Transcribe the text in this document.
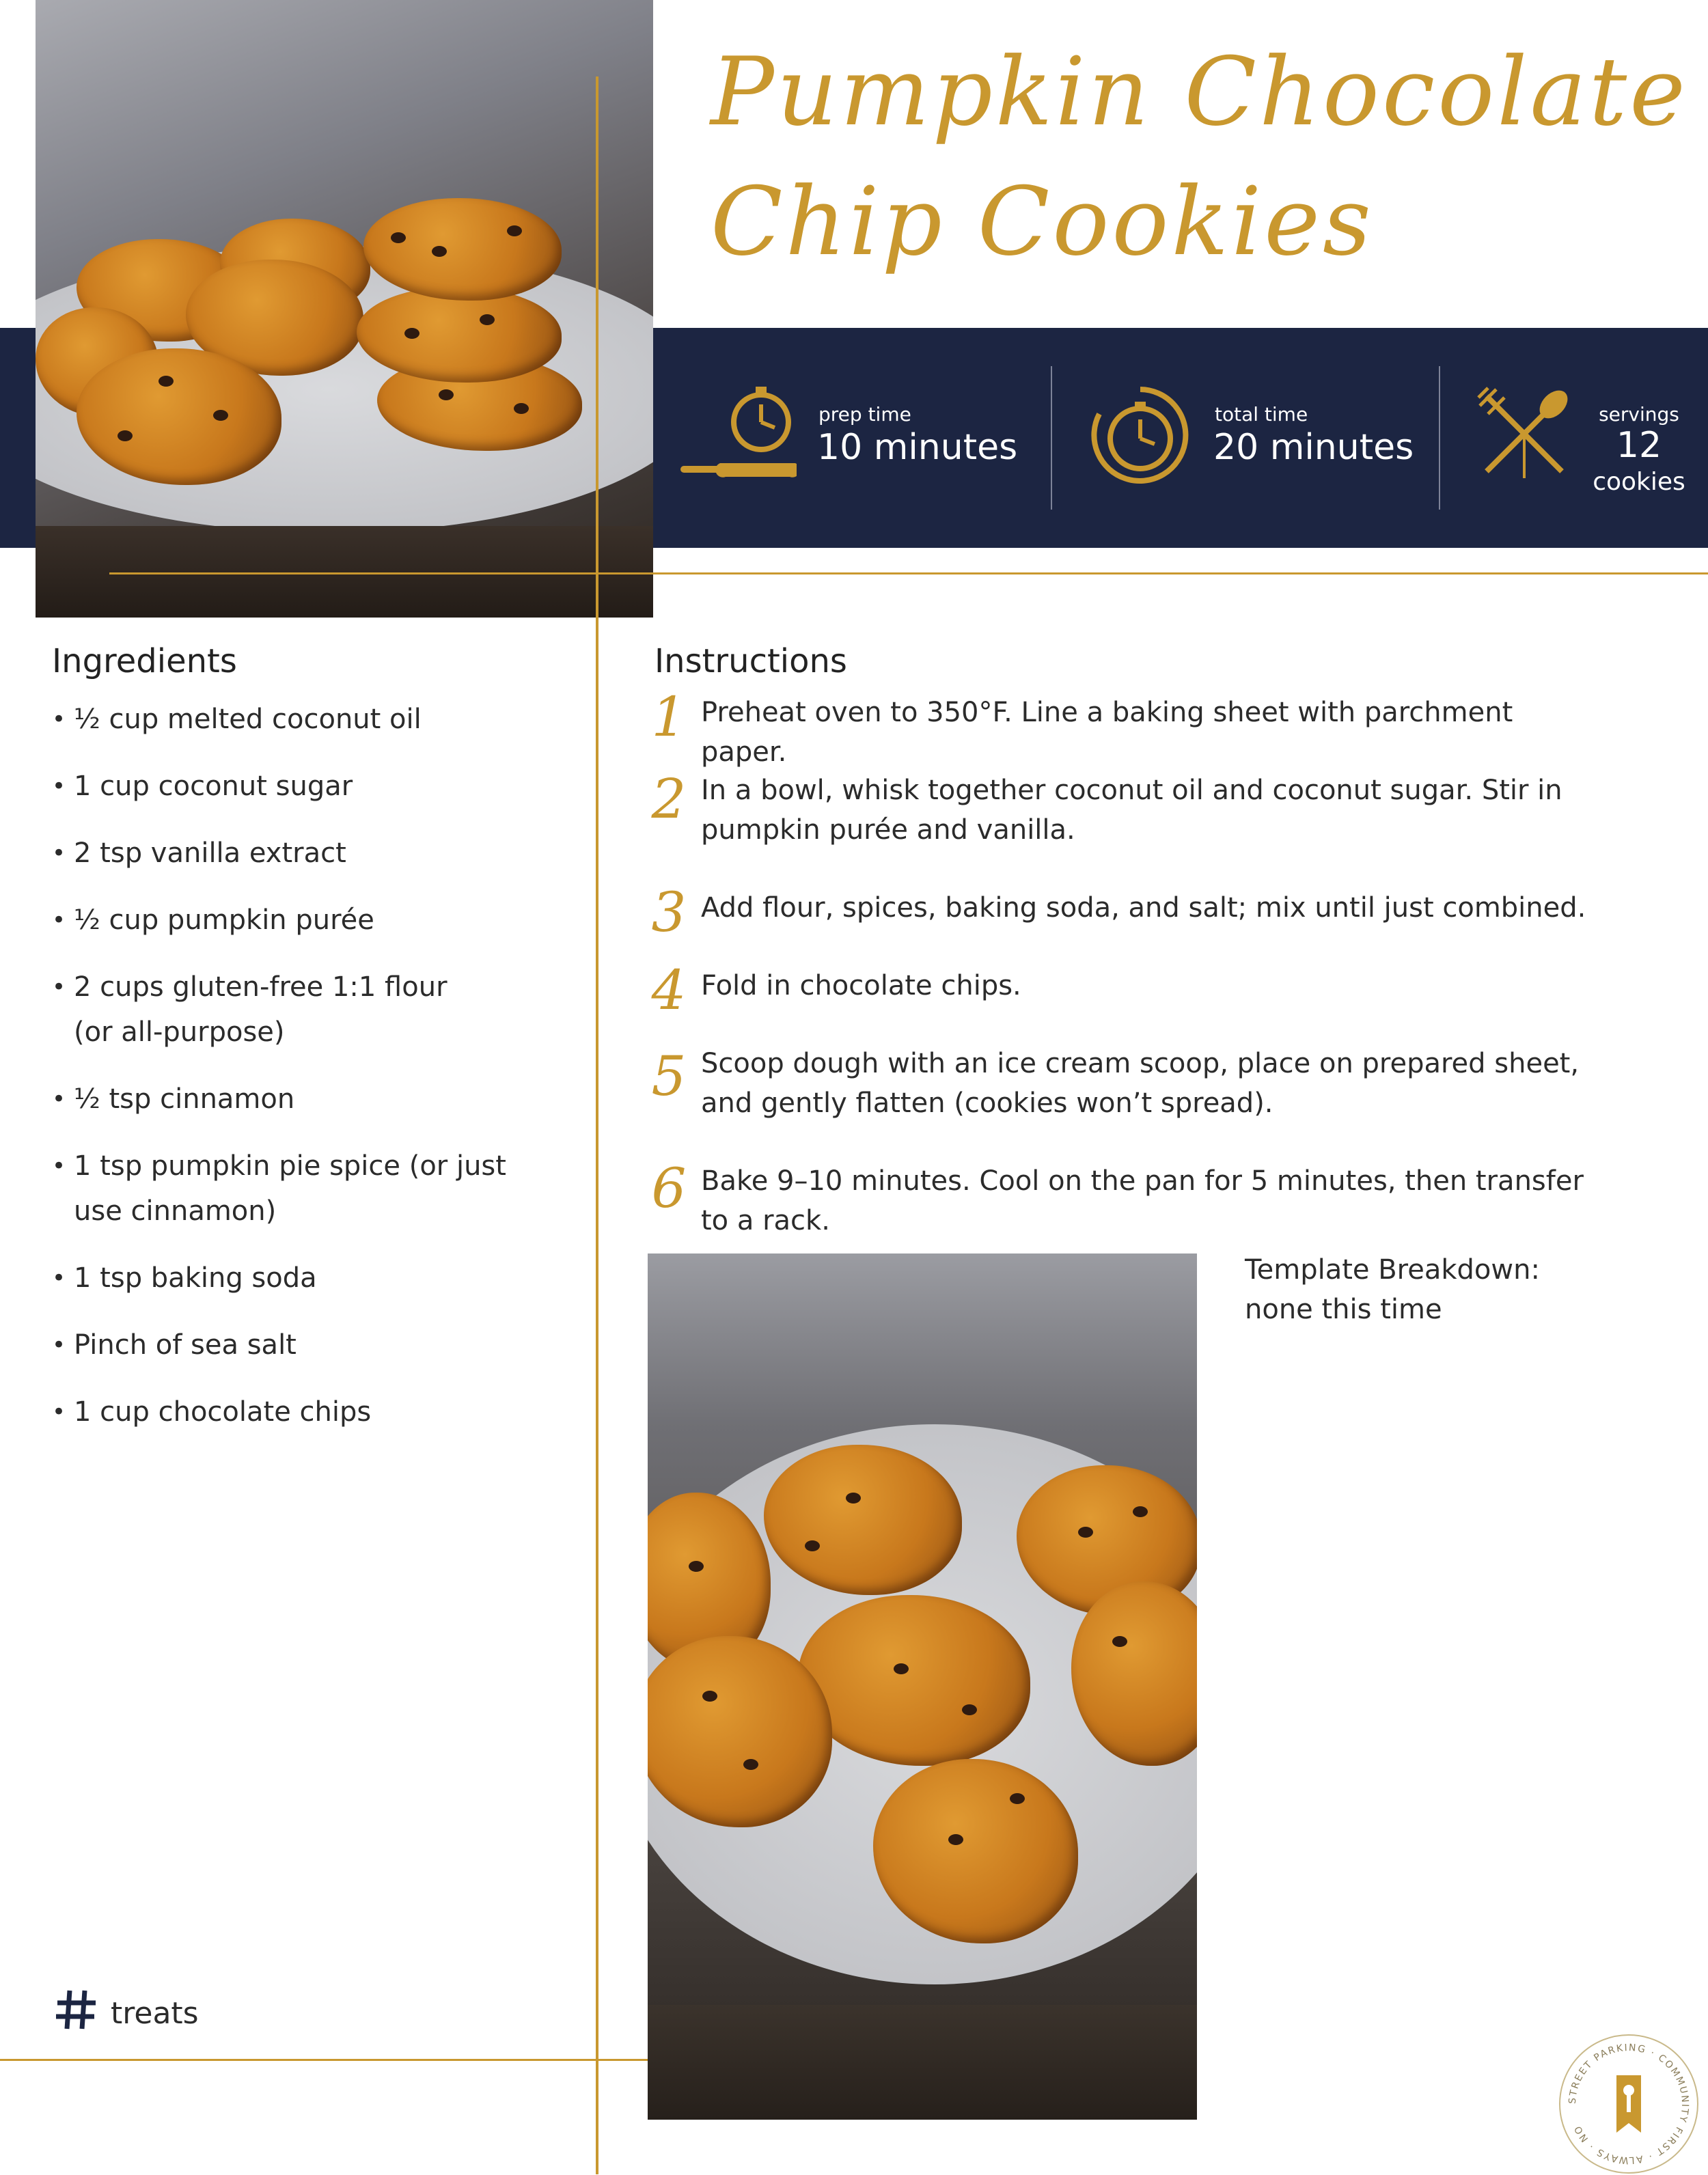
Pumpkin Chocolate
Chip Cookies
prep time
10 minutes
total time
20 minutes
servings
12
cookies
Ingredients
• ½ cup melted coconut oil
• 1 cup coconut sugar
• 2 tsp vanilla extract
• ½ cup pumpkin purée
• 2 cups gluten-free 1:1 flour (or all-purpose)
• ½ tsp cinnamon
• 1 tsp pumpkin pie spice (or just use cinnamon)
• 1 tsp baking soda
• Pinch of sea salt
• 1 cup chocolate chips
Instructions
1 Preheat oven to 350°F. Line a baking sheet with parchment paper.
2 In a bowl, whisk together coconut oil and coconut sugar. Stir in pumpkin purée and vanilla.
3 Add flour, spices, baking soda, and salt; mix until just combined.
4 Fold in chocolate chips.
5 Scoop dough with an ice cream scoop, place on prepared sheet, and gently flatten (cookies won’t spread).
6 Bake 9–10 minutes. Cool on the pan for 5 minutes, then transfer to a rack.
Template Breakdown:
none this time
treats
STREET PARKING · COMMUNITY FIRST · ALWAYS · NO
